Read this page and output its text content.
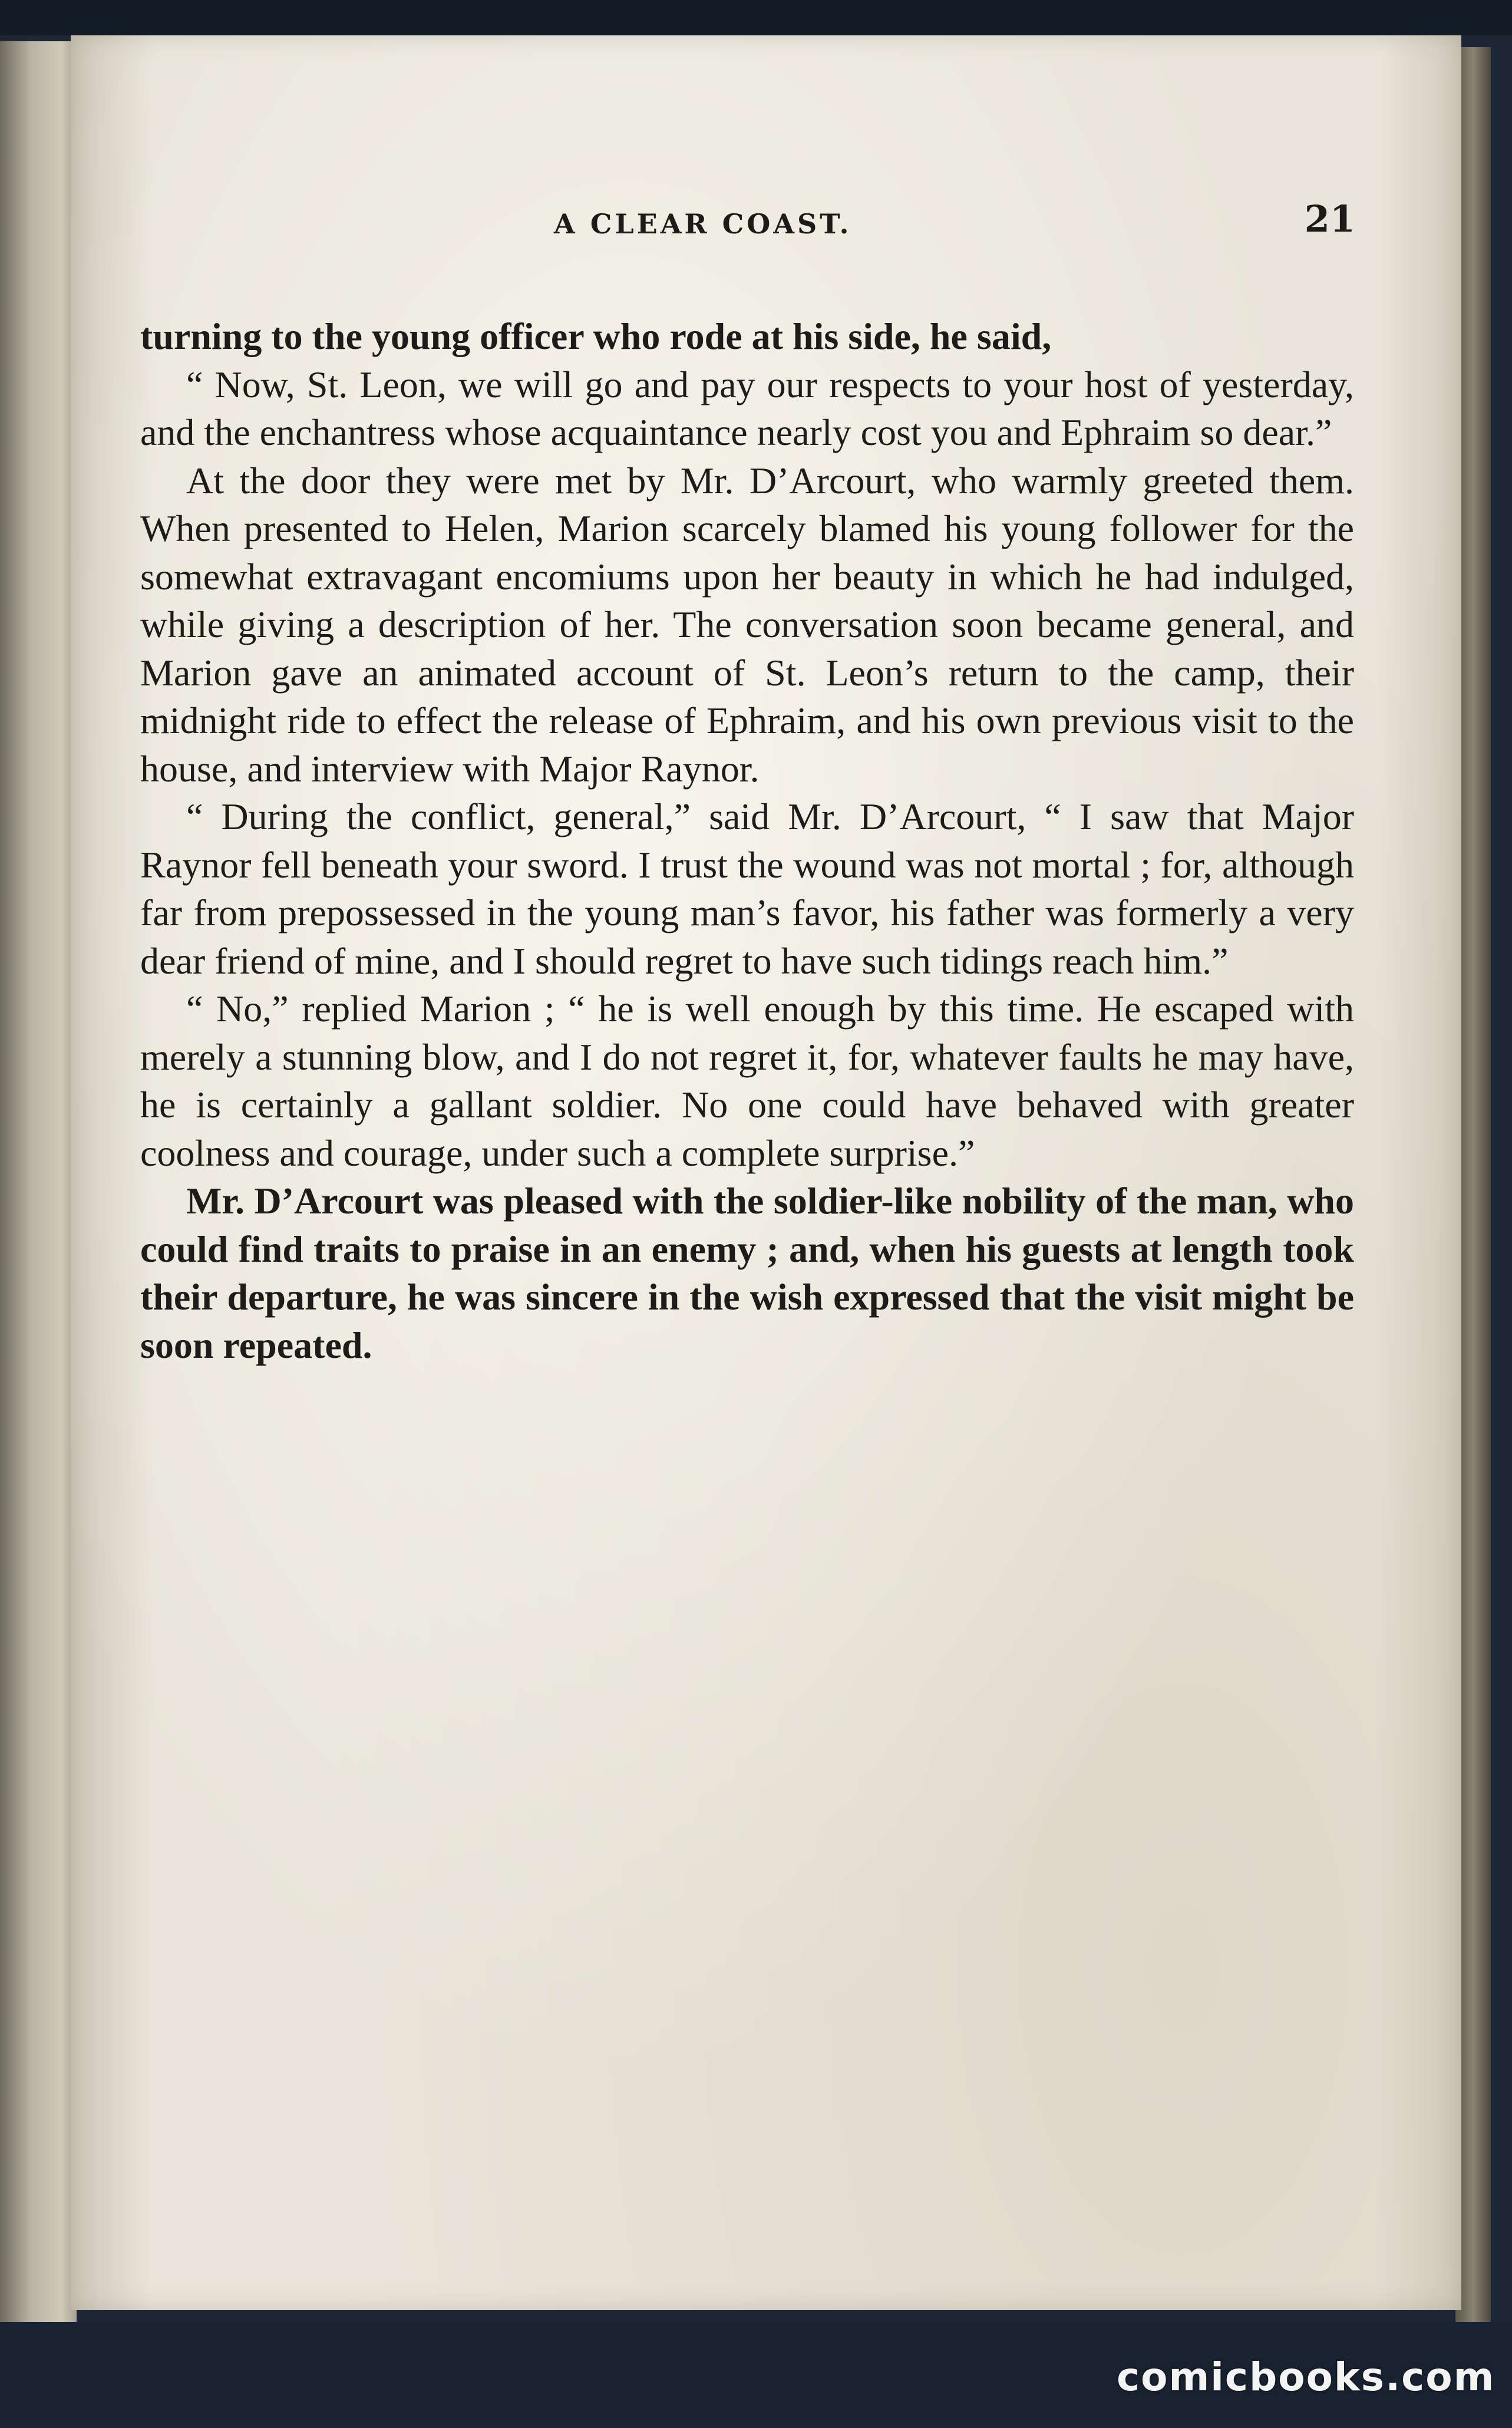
A CLEAR COAST.	21

turning to the young officer who rode at his side, he said,

“ Now, St. Leon, we will go and pay our respects to your host of yesterday, and the enchantress whose acquaintance nearly cost you and Ephraim so dear.”

At the door they were met by Mr. D’Arcourt, who warmly greeted them. When presented to Helen, Marion scarcely blamed his young follower for the somewhat extravagant encomiums upon her beauty in which he had indulged, while giving a description of her. The conversation soon became general, and Marion gave an animated account of St. Leon’s return to the camp, their midnight ride to effect the release of Ephraim, and his own previous visit to the house, and interview with Major Raynor.

“ During the conflict, general,” said Mr. D’Arcourt, “ I saw that Major Raynor fell beneath your sword. I trust the wound was not mortal ; for, although far from prepossessed in the young man’s favor, his father was formerly a very dear friend of mine, and I should regret to have such tidings reach him.”

“ No,” replied Marion ; “ he is well enough by this time. He escaped with merely a stunning blow, and I do not regret it, for, whatever faults he may have, he is certainly a gallant soldier. No one could have behaved with greater coolness and courage, under such a complete surprise.”

Mr. D’Arcourt was pleased with the soldier-like nobility of the man, who could find traits to praise in an enemy ; and, when his guests at length took their departure, he was sincere in the wish expressed that the visit might be soon repeated.

comicbooks.com
